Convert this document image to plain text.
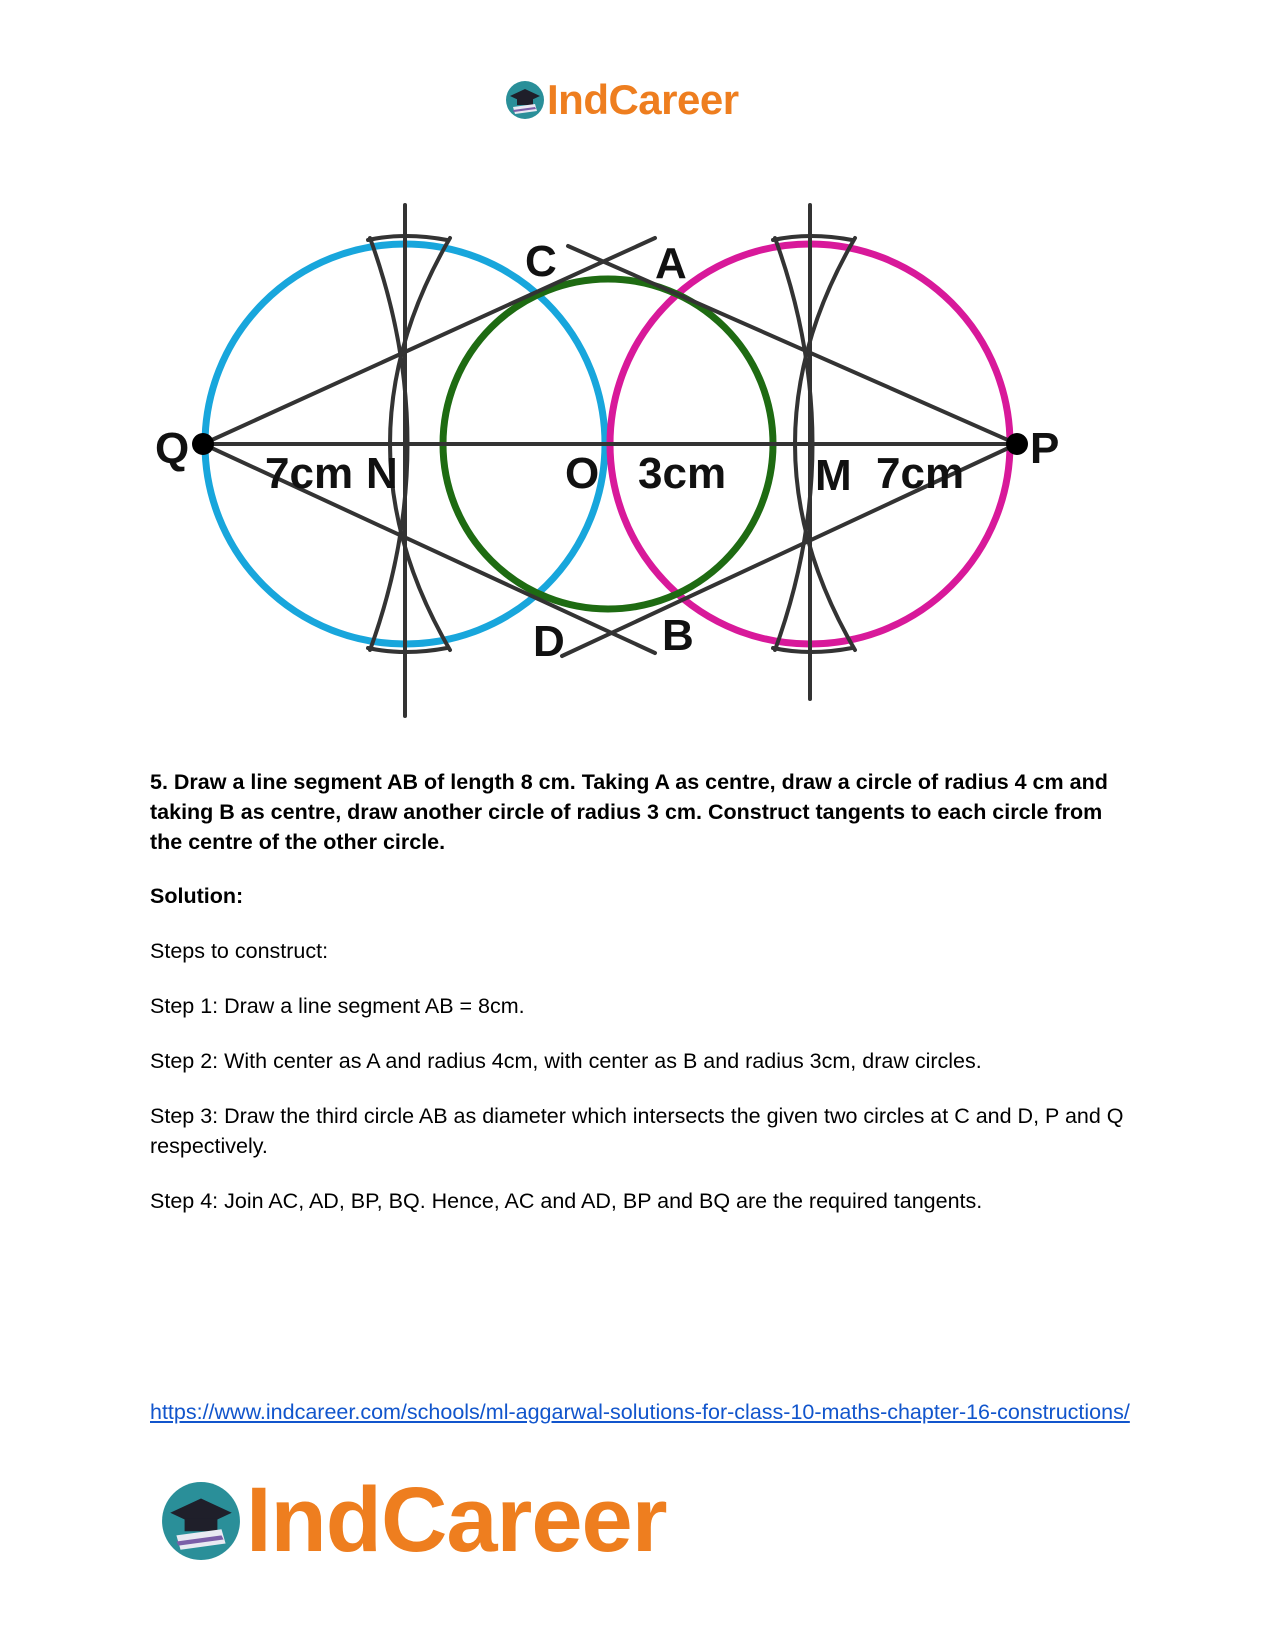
IndCareer
Q	P
N	O	M
C A
D B
7cm	3cm	7cm
5. Draw a line segment AB of length 8 cm. Taking A as centre, draw a circle of radius 4 cm and taking B as centre, draw another circle of radius 3 cm. Construct tangents to each circle from the centre of the other circle.
Solution:
Steps to construct:
Step 1: Draw a line segment AB = 8cm.
Step 2: With center as A and radius 4cm, with center as B and radius 3cm, draw circles.
Step 3: Draw the third circle AB as diameter which intersects the given two circles at C and D, P and Q respectively.
Step 4: Join AC, AD, BP, BQ. Hence, AC and AD, BP and BQ are the required tangents.
https://www.indcareer.com/schools/ml-aggarwal-solutions-for-class-10-maths-chapter-16-constructions/
IndCareer
